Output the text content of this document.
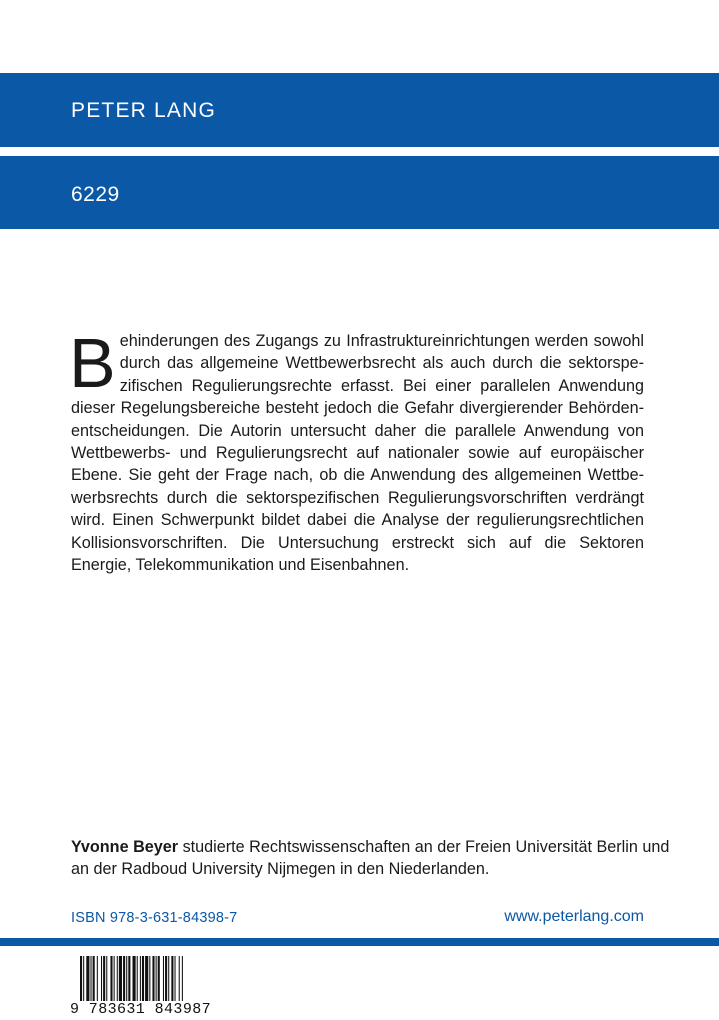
PETER LANG
6229
Behinderungen des Zugangs zu Infrastruktureinrichtungen werden sowohl durch das allgemeine Wettbewerbsrecht als auch durch die sektorspezifischen Regulierungsrechte erfasst. Bei einer parallelen Anwendung dieser Regelungsbereiche besteht jedoch die Gefahr divergierender Behördenentscheidungen. Die Autorin untersucht daher die parallele Anwendung von Wettbewerbs- und Regulierungsrecht auf nationaler sowie auf europäischer Ebene. Sie geht der Frage nach, ob die Anwendung des allgemeinen Wettbewerbsrechts durch die sektorspezifischen Regulierungsvorschriften verdrängt wird. Einen Schwerpunkt bildet dabei die Analyse der regulierungsrechtlichen Kollisionsvorschriften. Die Untersuchung erstreckt sich auf die Sektoren Energie, Telekommunikation und Eisenbahnen.
Yvonne Beyer studierte Rechtswissenschaften an der Freien Universität Berlin und an der Radboud University Nijmegen in den Niederlanden.
ISBN 978-3-631-84398-7	www.peterlang.com
9 783631 843987
